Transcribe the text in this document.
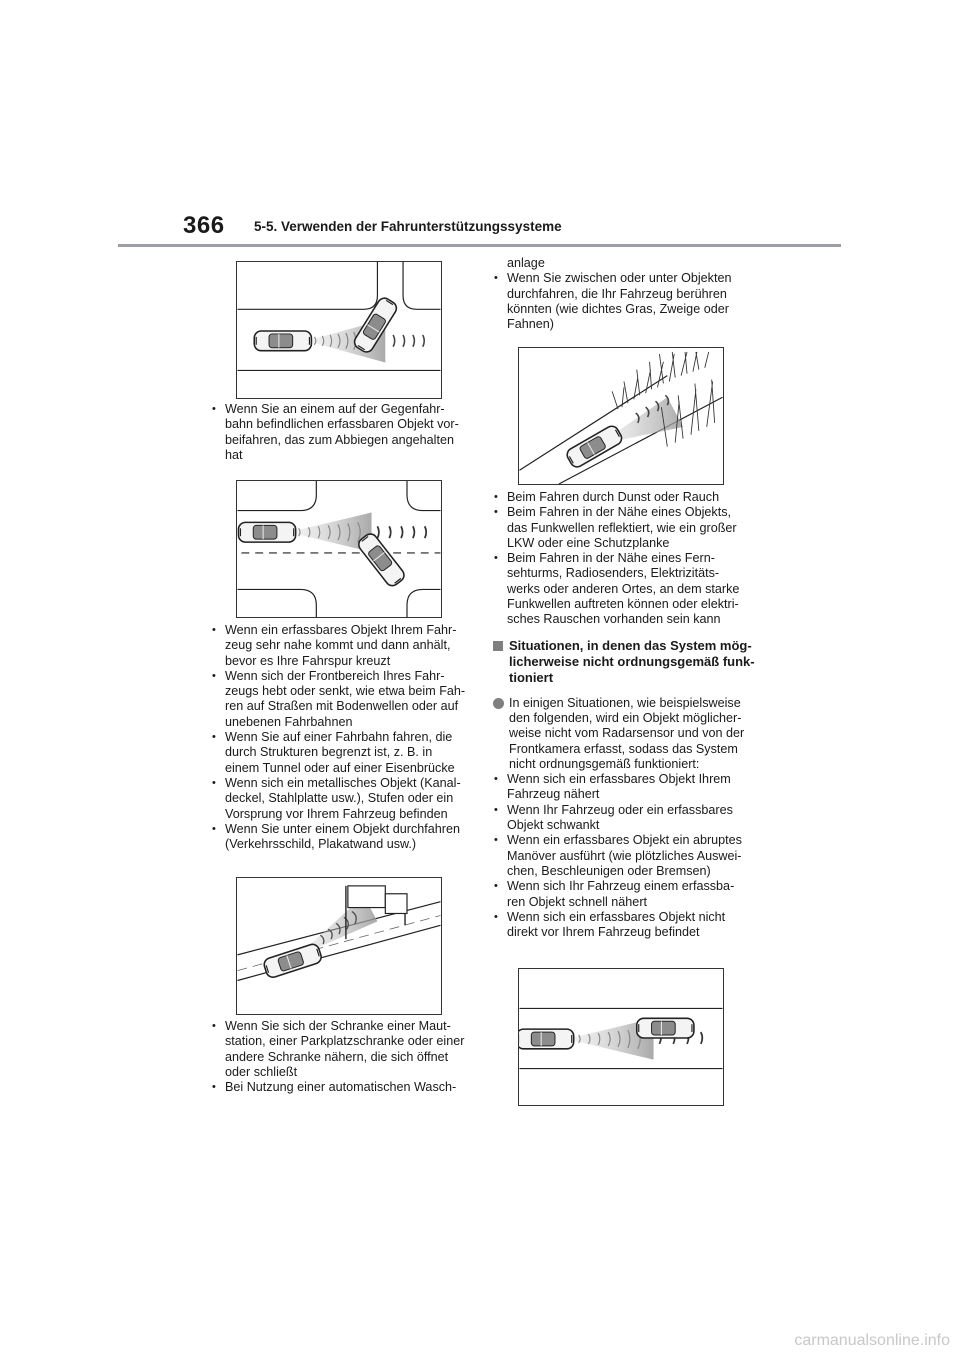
366 5-5. Verwenden der Fahrunterstützungssysteme
• Wenn Sie an einem auf der Gegenfahr-
bahn befindlichen erfassbaren Objekt vor-
beifahren, das zum Abbiegen angehalten
hat
• Wenn ein erfassbares Objekt Ihrem Fahr-
zeug sehr nahe kommt und dann anhält,
bevor es Ihre Fahrspur kreuzt
• Wenn sich der Frontbereich Ihres Fahr-
zeugs hebt oder senkt, wie etwa beim Fah-
ren auf Straßen mit Bodenwellen oder auf
unebenen Fahrbahnen
• Wenn Sie auf einer Fahrbahn fahren, die
durch Strukturen begrenzt ist, z. B. in
einem Tunnel oder auf einer Eisenbrücke
• Wenn sich ein metallisches Objekt (Kanal-
deckel, Stahlplatte usw.), Stufen oder ein
Vorsprung vor Ihrem Fahrzeug befinden
• Wenn Sie unter einem Objekt durchfahren
(Verkehrsschild, Plakatwand usw.)
• Wenn Sie sich der Schranke einer Maut-
station, einer Parkplatzschranke oder einer
andere Schranke nähern, die sich öffnet
oder schließt
• Bei Nutzung einer automatischen Wasch-
anlage
• Wenn Sie zwischen oder unter Objekten
durchfahren, die Ihr Fahrzeug berühren
könnten (wie dichtes Gras, Zweige oder
Fahnen)
• Beim Fahren durch Dunst oder Rauch
• Beim Fahren in der Nähe eines Objekts,
das Funkwellen reflektiert, wie ein großer
LKW oder eine Schutzplanke
• Beim Fahren in der Nähe eines Fern-
sehturms, Radiosenders, Elektrizitäts-
werks oder anderen Ortes, an dem starke
Funkwellen auftreten können oder elektri-
sches Rauschen vorhanden sein kann
Situationen, in denen das System mög-
licherweise nicht ordnungsgemäß funk-
tioniert
In einigen Situationen, wie beispielsweise
den folgenden, wird ein Objekt möglicher-
weise nicht vom Radarsensor und von der
Frontkamera erfasst, sodass das System
nicht ordnungsgemäß funktioniert:
• Wenn sich ein erfassbares Objekt Ihrem
Fahrzeug nähert
• Wenn Ihr Fahrzeug oder ein erfassbares
Objekt schwankt
• Wenn ein erfassbares Objekt ein abruptes
Manöver ausführt (wie plötzliches Auswei-
chen, Beschleunigen oder Bremsen)
• Wenn sich Ihr Fahrzeug einem erfassba-
ren Objekt schnell nähert
• Wenn sich ein erfassbares Objekt nicht
direkt vor Ihrem Fahrzeug befindet
carmanualsonline.info
